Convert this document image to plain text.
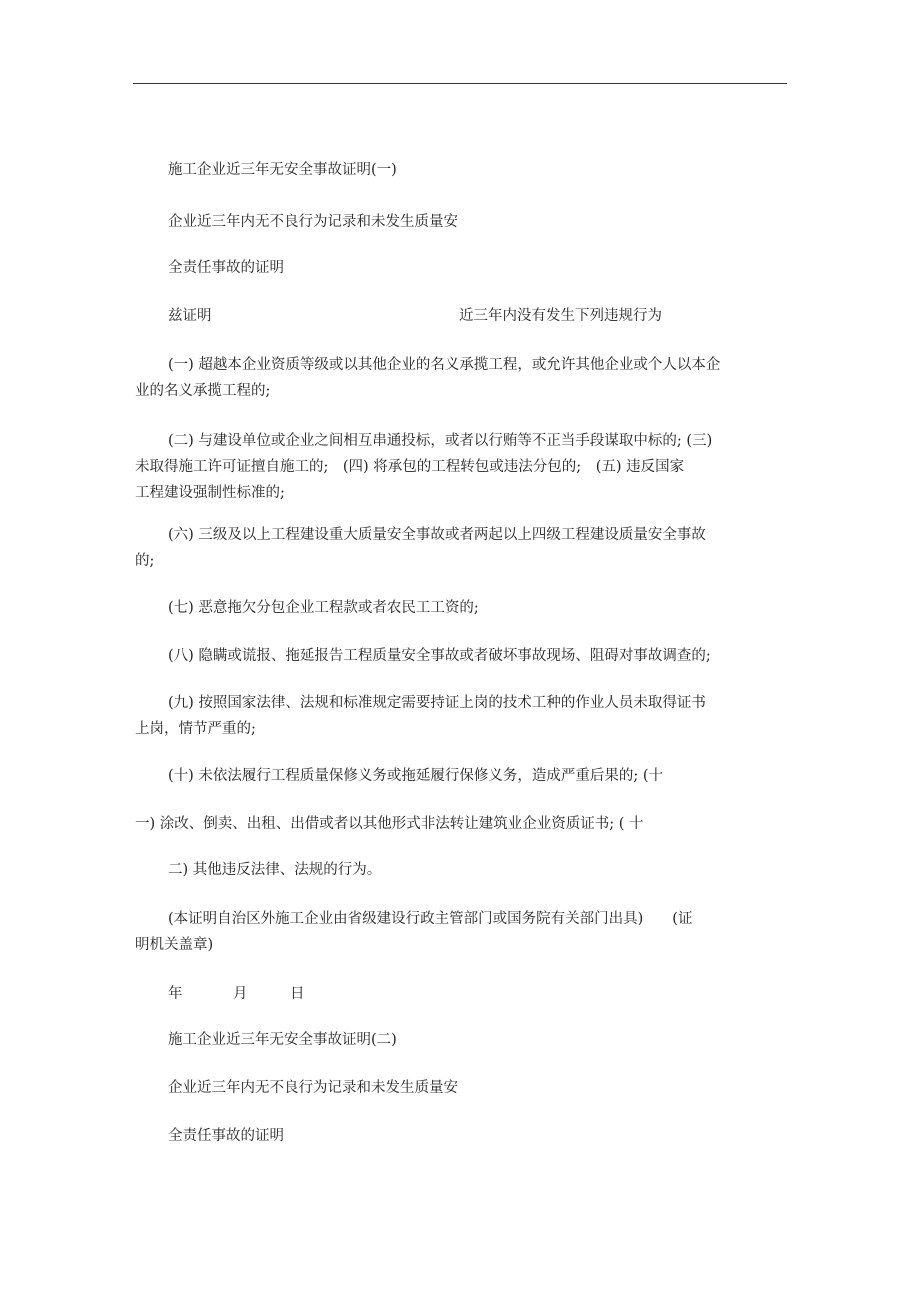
施工企业近三年无安全事故证明(一)
企业近三年内无不良行为记录和未发生质量安
全责任事故的证明
兹证明	近三年内没有发生下列违规行为
(一) 超越本企业资质等级或以其他企业的名义承揽工程，或允许其他企业或个人以本企
业的名义承揽工程的;
(二) 与建设单位或企业之间相互串通投标，或者以行贿等不正当手段谋取中标的; (三)
未取得施工许可证擅自施工的;　(四) 将承包的工程转包或违法分包的;　(五) 违反国家
工程建设强制性标准的;
(六) 三级及以上工程建设重大质量安全事故或者两起以上四级工程建设质量安全事故
的;
(七) 恶意拖欠分包企业工程款或者农民工工资的;
(八) 隐瞒或谎报、拖延报告工程质量安全事故或者破坏事故现场、阻碍对事故调查的;
(九) 按照国家法律、法规和标准规定需要持证上岗的技术工种的作业人员未取得证书
上岗，情节严重的;
(十) 未依法履行工程质量保修义务或拖延履行保修义务，造成严重后果的; (十
一) 涂改、倒卖、出租、出借或者以其他形式非法转让建筑业企业资质证书; ( 十
二) 其他违反法律、法规的行为。
(本证明自治区外施工企业由省级建设行政主管部门或国务院有关部门出具)　　(证
明机关盖章)
年	月	日
施工企业近三年无安全事故证明(二)
企业近三年内无不良行为记录和未发生质量安
全责任事故的证明
